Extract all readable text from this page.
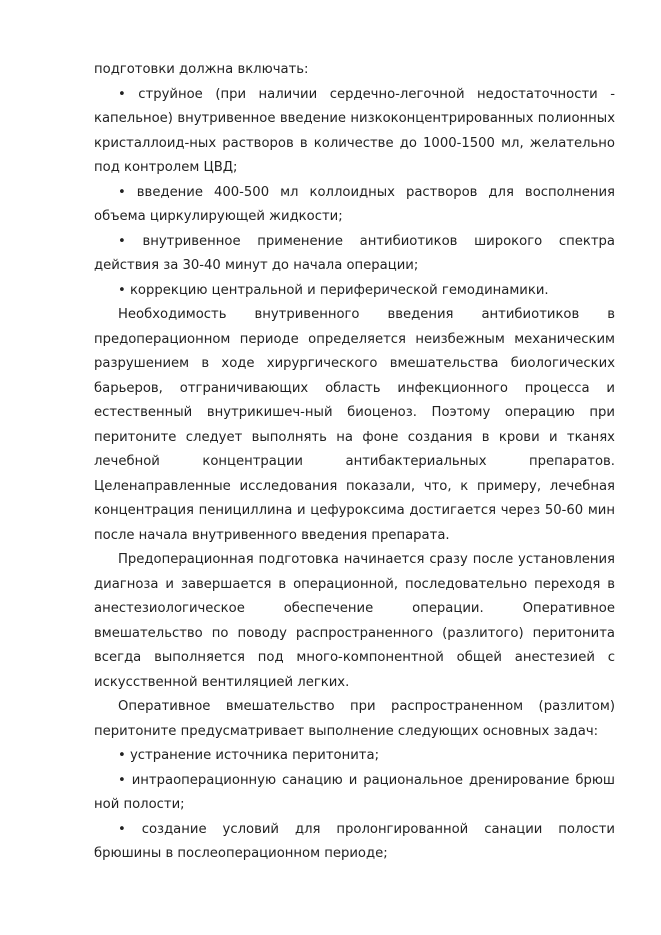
подготовки должна включать:

• струйное (при наличии сердечно-легочной недостаточности - капельное) внутривенное введение низкоконцентрированных полионных кристаллоид-ных растворов в количестве до 1000-1500 мл, желательно под контролем ЦВД;

• введение 400-500 мл коллоидных растворов для восполнения объема циркулирующей жидкости;

• внутривенное применение антибиотиков широкого спектра действия за 30-40 минут до начала операции;

• коррекцию центральной и периферической гемодинамики.

Необходимость внутривенного введения антибиотиков в предоперационном периоде определяется неизбежным механическим разрушением в ходе хирургического вмешательства биологических барьеров, отграничивающих область инфекционного процесса и естественный внутрикишеч-ный биоценоз. Поэтому операцию при перитоните следует выполнять на фоне создания в крови и тканях лечебной концентрации антибактериальных препаратов. Целенаправленные исследования показали, что, к примеру, лечебная концентрация пенициллина и цефуроксима достигается через 50-60 мин после начала внутривенного введения препарата.

Предоперационная подготовка начинается сразу после установления диагноза и завершается в операционной, последовательно переходя в анестезиологическое обеспечение операции. Оперативное вмешательство по поводу распространенного (разлитого) перитонита всегда выполняется под много-компонентной общей анестезией с искусственной вентиляцией легких.

Оперативное вмешательство при распространенном (разлитом) перитоните предусматривает выполнение следующих основных задач:

• устранение источника перитонита;

• интраоперационную санацию и рациональное дренирование брюш ной полости;

• создание условий для пролонгированной санации полости брюшины в послеоперационном периоде;
